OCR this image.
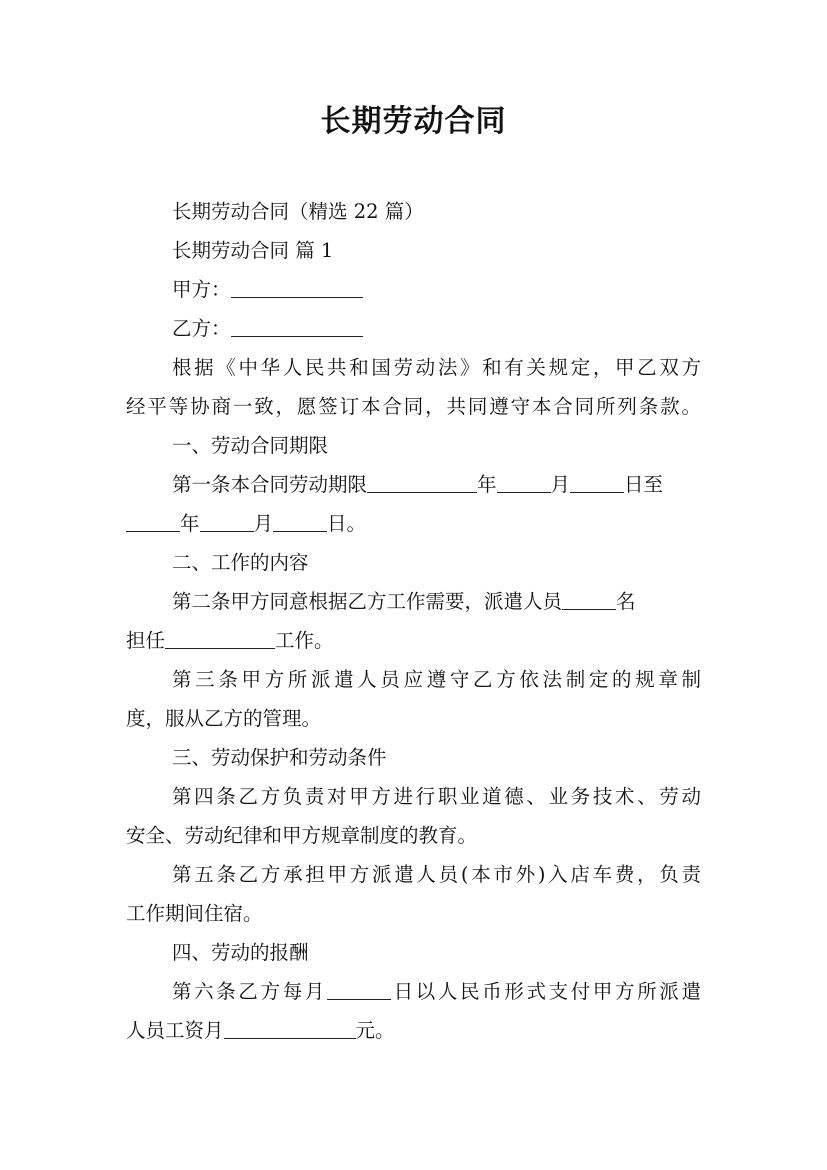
长期劳动合同

长期劳动合同（精选 22 篇）

长期劳动合同 篇 1

甲方：

乙方：

根据《中华人民共和国劳动法》和有关规定，甲乙双方

经平等协商一致，愿签订本合同，共同遵守本合同所列条款。

一、劳动合同期限

第一条本合同劳动期限	年	月	日至

年	月	日。

二、工作的内容

第二条甲方同意根据乙方工作需要，派遣人员	名

担任	工作。

第三条甲方所派遣人员应遵守乙方依法制定的规章制

度，服从乙方的管理。

三、劳动保护和劳动条件

第四条乙方负责对甲方进行职业道德、业务技术、劳动

安全、劳动纪律和甲方规章制度的教育。

第五条乙方承担甲方派遣人员(本市外)入店车费，负责

工作期间住宿。

四、劳动的报酬

第六条乙方每月	日以人民币形式支付甲方所派遣

人员工资月	元。
